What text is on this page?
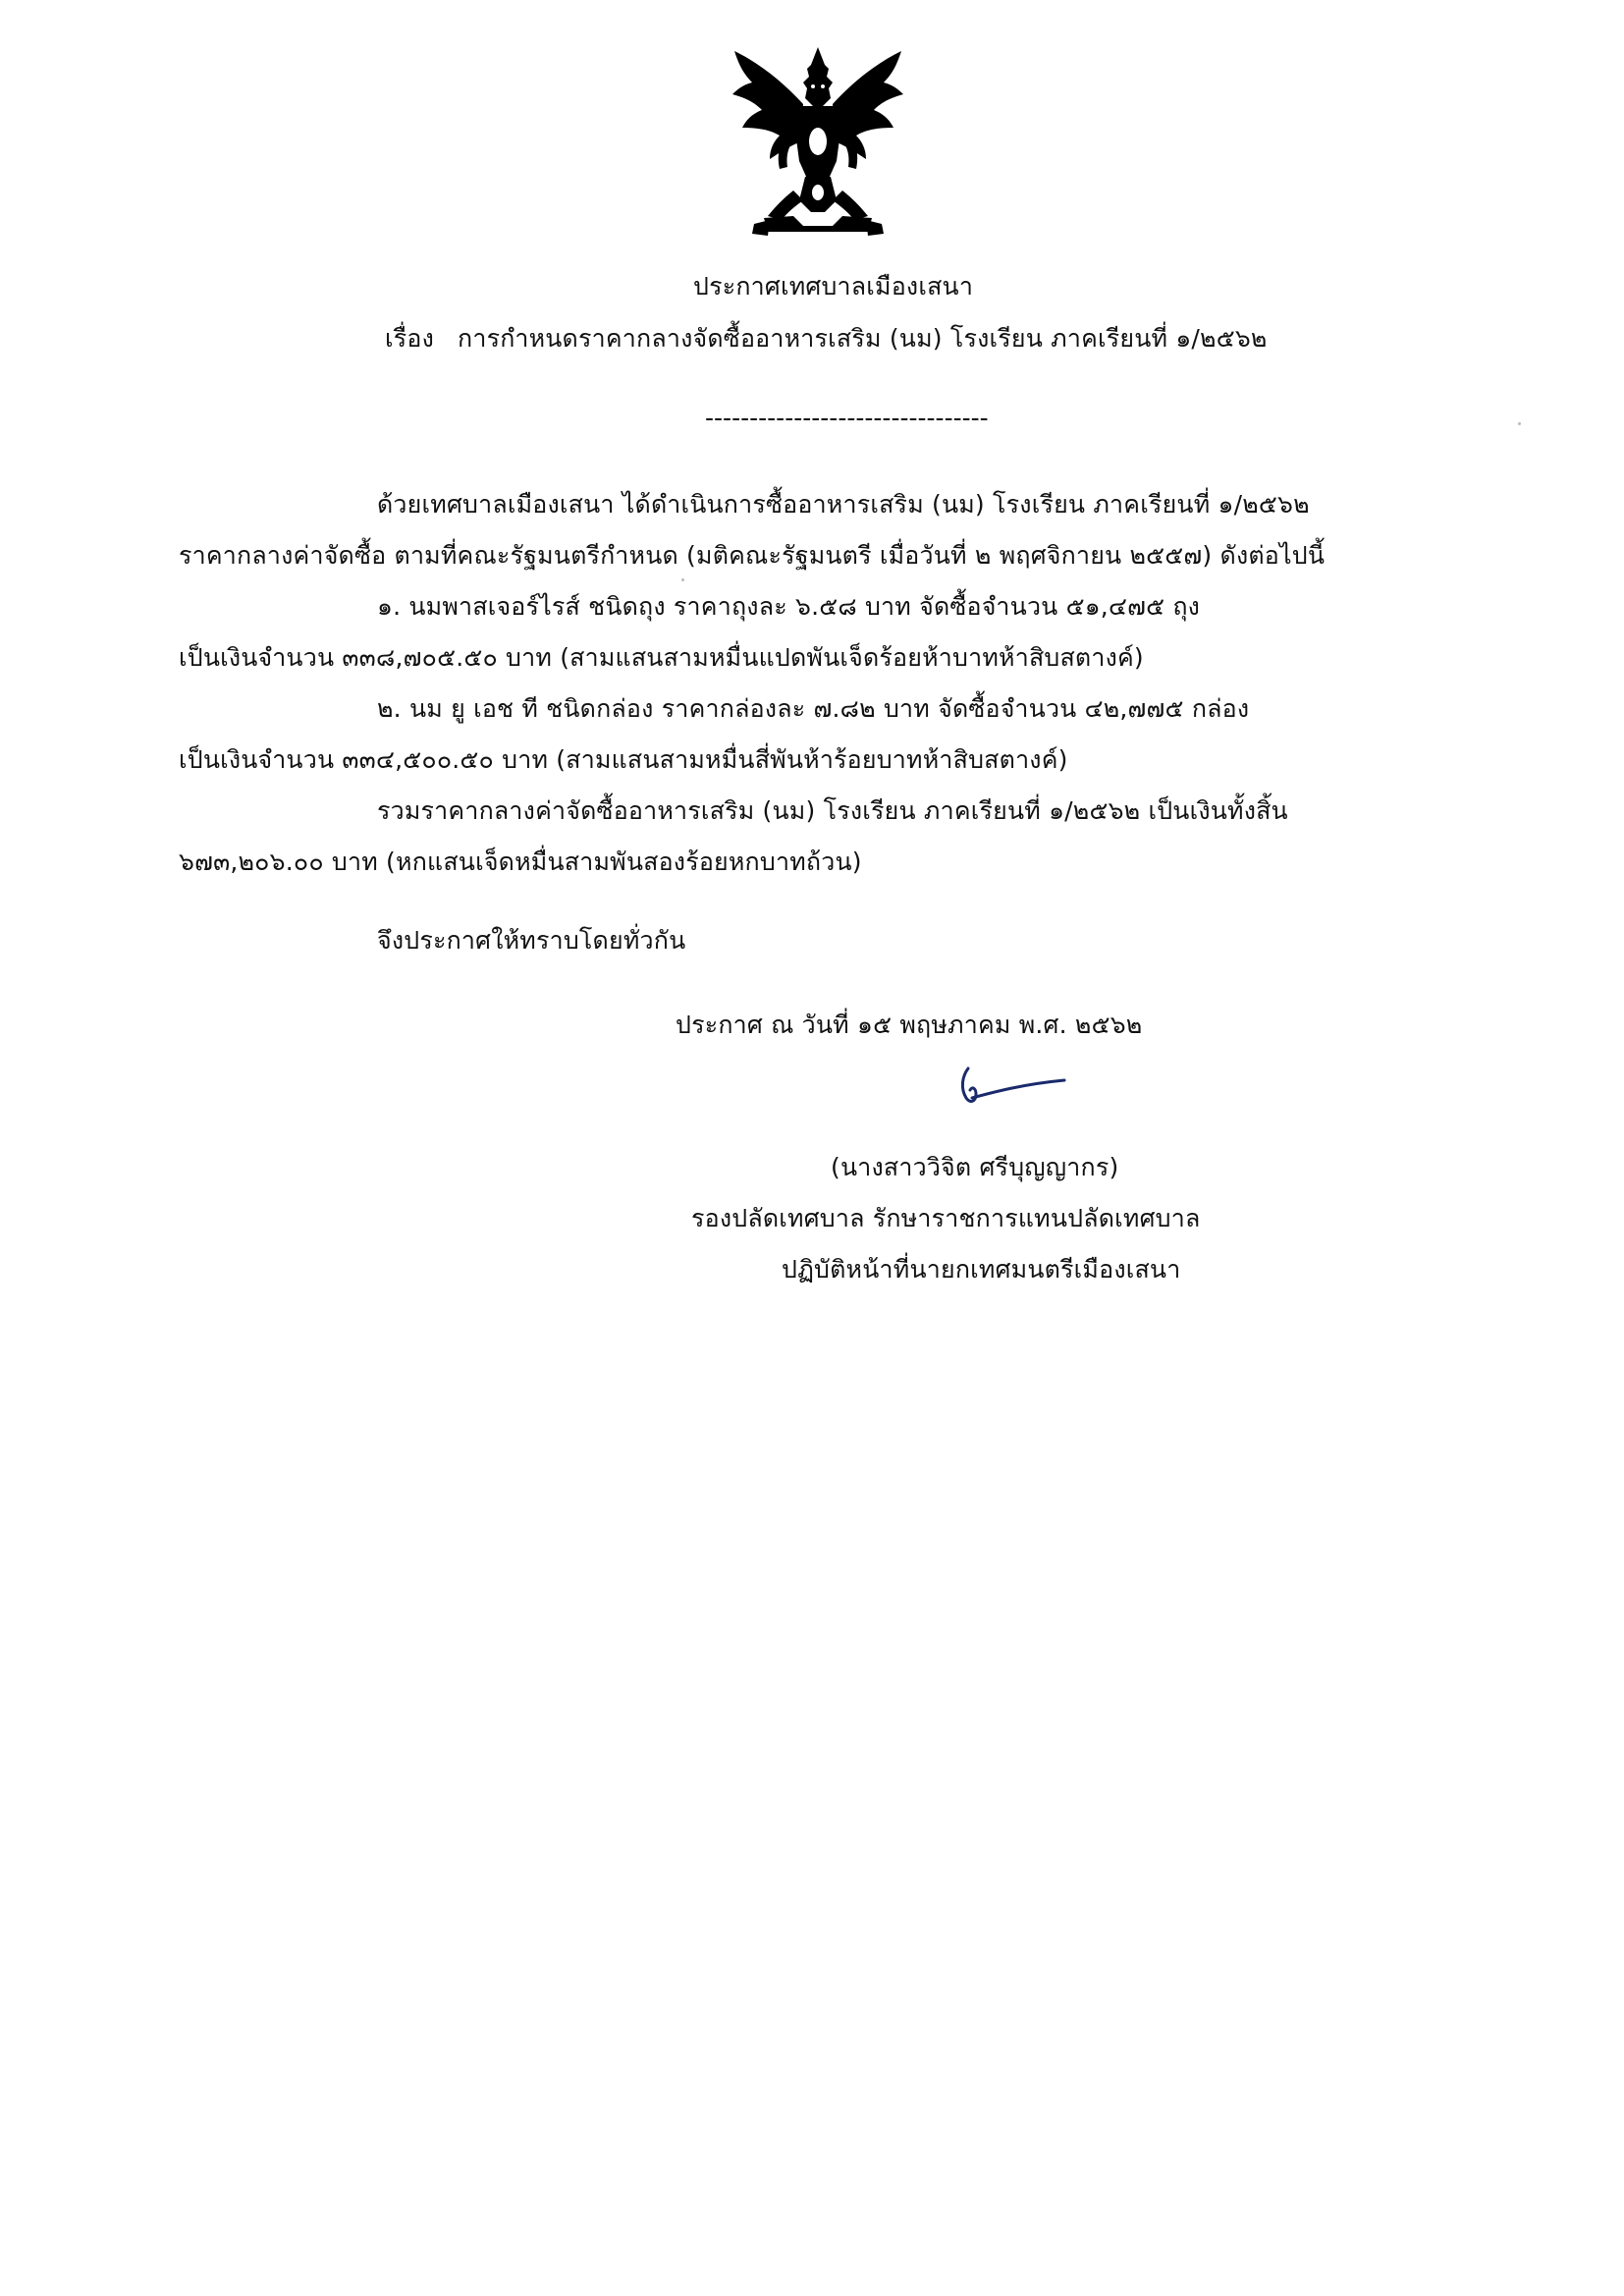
ประกาศเทศบาลเมืองเสนา
เรื่อง การกำหนดราคากลางจัดซื้ออาหารเสริม (นม) โรงเรียน ภาคเรียนที่ ๑/๒๕๖๒
--------------------------------
ด้วยเทศบาลเมืองเสนา ได้ดำเนินการซื้ออาหารเสริม (นม) โรงเรียน ภาคเรียนที่ ๑/๒๕๖๒
ราคากลางค่าจัดซื้อ ตามที่คณะรัฐมนตรีกำหนด (มติคณะรัฐมนตรี เมื่อวันที่ ๒ พฤศจิกายน ๒๕๕๗) ดังต่อไปนี้
๑. นมพาสเจอร์ไรส์ ชนิดถุง ราคาถุงละ ๖.๕๘ บาท จัดซื้อจำนวน ๕๑,๔๗๕ ถุง
เป็นเงินจำนวน ๓๓๘,๗๐๕.๕๐ บาท (สามแสนสามหมื่นแปดพันเจ็ดร้อยห้าบาทห้าสิบสตางค์)
๒. นม ยู เอช ที ชนิดกล่อง ราคากล่องละ ๗.๘๒ บาท จัดซื้อจำนวน ๔๒,๗๗๕ กล่อง
เป็นเงินจำนวน ๓๓๔,๕๐๐.๕๐ บาท (สามแสนสามหมื่นสี่พันห้าร้อยบาทห้าสิบสตางค์)
รวมราคากลางค่าจัดซื้ออาหารเสริม (นม) โรงเรียน ภาคเรียนที่ ๑/๒๕๖๒ เป็นเงินทั้งสิ้น
๖๗๓,๒๐๖.๐๐ บาท (หกแสนเจ็ดหมื่นสามพันสองร้อยหกบาทถ้วน)
จึงประกาศให้ทราบโดยทั่วกัน
ประกาศ ณ วันที่ ๑๕ พฤษภาคม พ.ศ. ๒๕๖๒
(นางสาววิจิต ศรีบุญญากร)
รองปลัดเทศบาล รักษาราชการแทนปลัดเทศบาล
ปฏิบัติหน้าที่นายกเทศมนตรีเมืองเสนา
